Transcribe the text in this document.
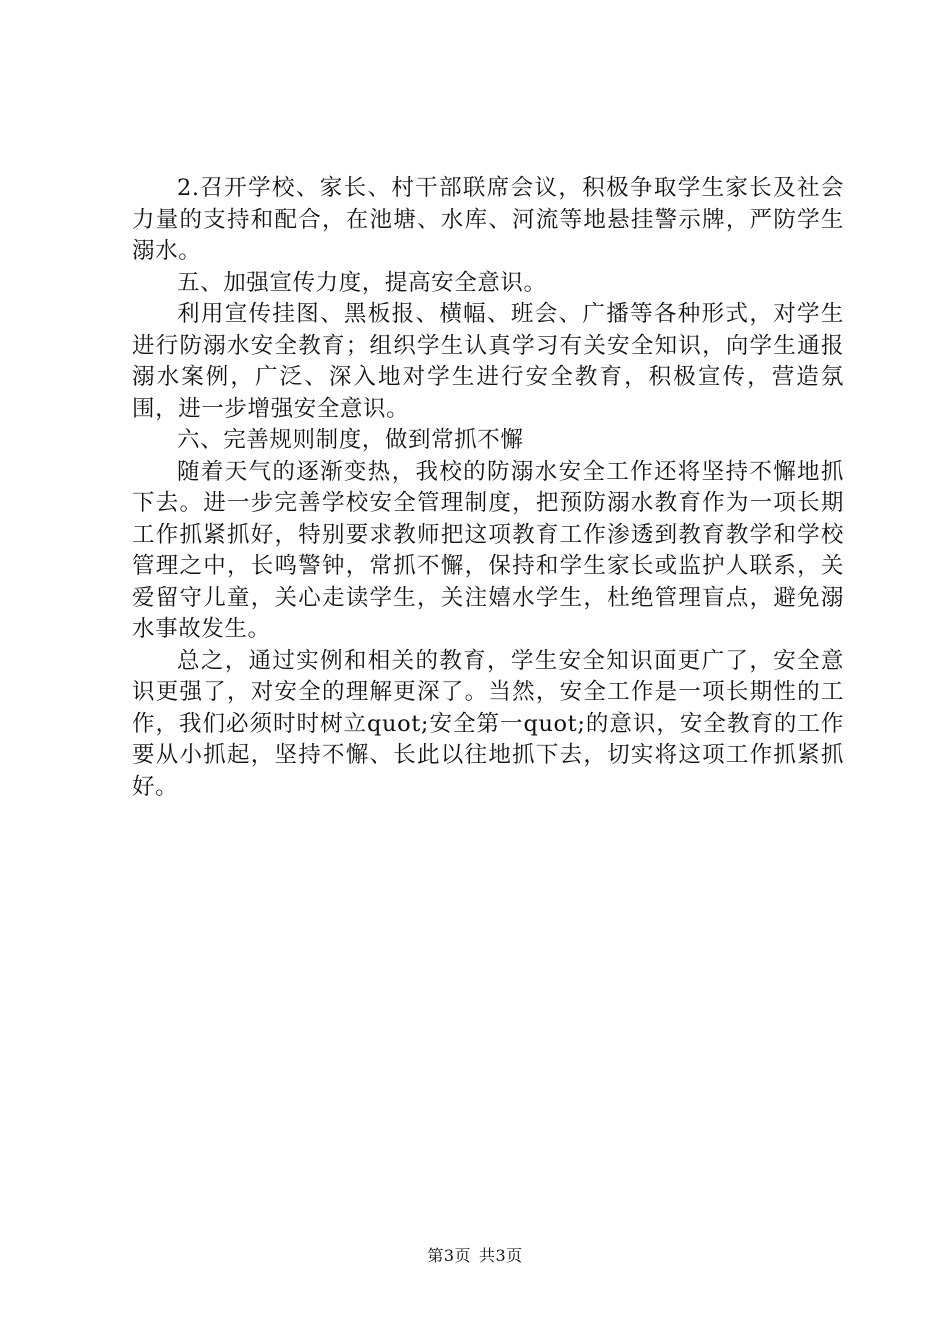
2.召开学校、家长、村干部联席会议，积极争取学生家长及社会力量的支持和配合，在池塘、水库、河流等地悬挂警示牌，严防学生溺水。

五、加强宣传力度，提高安全意识。

利用宣传挂图、黑板报、横幅、班会、广播等各种形式，对学生进行防溺水安全教育；组织学生认真学习有关安全知识，向学生通报溺水案例，广泛、深入地对学生进行安全教育，积极宣传，营造氛围，进一步增强安全意识。

六、完善规则制度，做到常抓不懈

随着天气的逐渐变热，我校的防溺水安全工作还将坚持不懈地抓下去。进一步完善学校安全管理制度，把预防溺水教育作为一项长期工作抓紧抓好，特别要求教师把这项教育工作渗透到教育教学和学校管理之中，长鸣警钟，常抓不懈，保持和学生家长或监护人联系，关爱留守儿童，关心走读学生，关注嬉水学生，杜绝管理盲点，避免溺水事故发生。

总之，通过实例和相关的教育，学生安全知识面更广了，安全意识更强了，对安全的理解更深了。当然，安全工作是一项长期性的工作，我们必须时时树立quot;安全第一quot;的意识，安全教育的工作要从小抓起，坚持不懈、长此以往地抓下去，切实将这项工作抓紧抓好。

第3页 共3页
